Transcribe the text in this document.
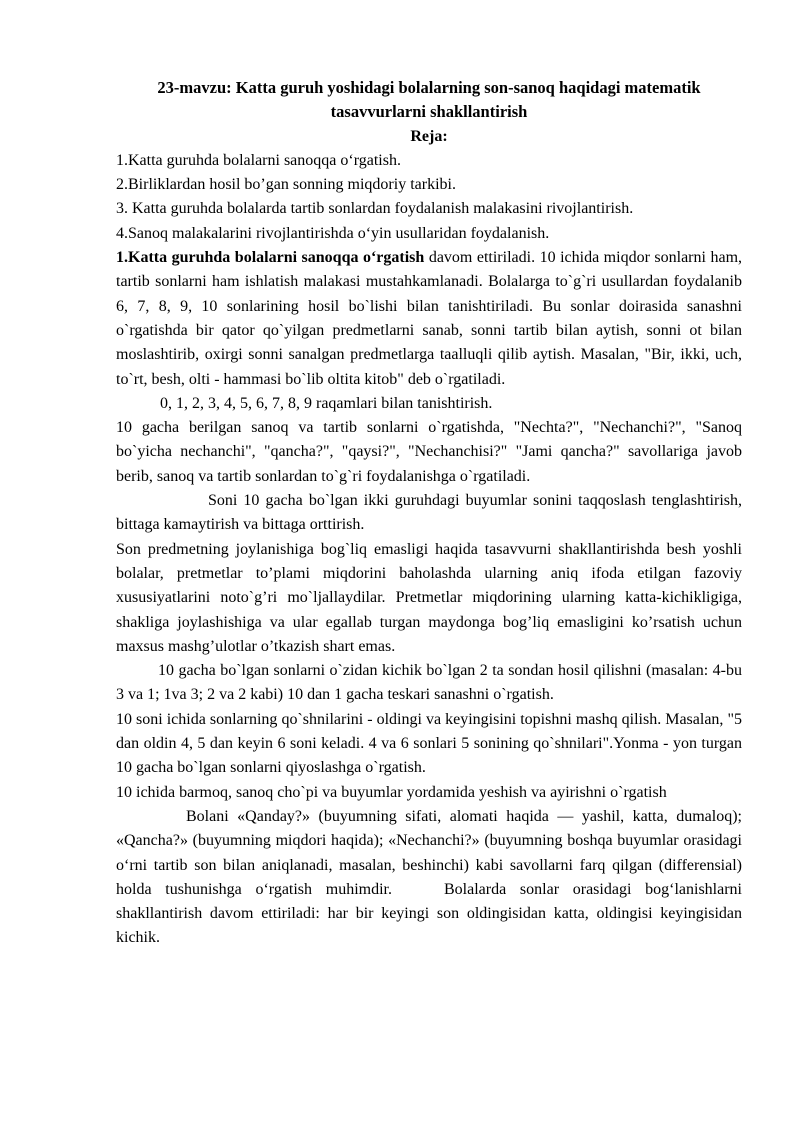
23-mavzu: Katta guruh yoshidagi bolalarning son-sanoq haqidagi matematik
tasavvurlarni shakllantirish
Reja:
1.Katta guruhda bolalarni sanoqqa o‘rgatish.
2.Birliklardan hosil bo’gan sonning miqdoriy tarkibi.
3. Katta guruhda bolalarda tartib sonlardan foydalanish malakasini rivojlantirish.
4.Sanoq malakalarini rivojlantirishda o‘yin usullaridan foydalanish.

1.Katta guruhda bolalarni sanoqqa o‘rgatish davom ettiriladi. 10 ichida miqdor sonlarni ham, tartib sonlarni ham ishlatish malakasi mustahkamlanadi. Bolalarga to`g`ri usullardan foydalanib 6, 7, 8, 9, 10 sonlarining hosil bo`lishi bilan tanishtiriladi. Bu sonlar doirasida sanashni o`rgatishda bir qator qo`yilgan predmetlarni sanab, sonni tartib bilan aytish, sonni ot bilan moslashtirib, oxirgi sonni sanalgan predmetlarga taalluqli qilib aytish. Masalan, "Bir, ikki, uch, to`rt, besh, olti - hammasi bo`lib oltita kitob" deb o`rgatiladi.

0, 1, 2, 3, 4, 5, 6, 7, 8, 9 raqamlari bilan tanishtirish.

10 gacha berilgan sanoq va tartib sonlarni o`rgatishda, "Nechta?", "Nechanchi?", "Sanoq bo`yicha nechanchi", "qancha?", "qaysi?", "Nechanchisi?" "Jami qancha?" savollariga javob berib, sanoq va tartib sonlardan to`g`ri foydalanishga o`rgatiladi.

Soni 10 gacha bo`lgan ikki guruhdagi buyumlar sonini taqqoslash tenglashtirish, bittaga kamaytirish va bittaga orttirish.

Son predmetning joylanishiga bog`liq emasligi haqida tasavvurni shakllantirishda besh yoshli bolalar, pretmetlar to’plami miqdorini baholashda ularning aniq ifoda etilgan fazoviy xususiyatlarini noto`g’ri mo`ljallaydilar. Pretmetlar miqdorining ularning katta-kichikligiga, shakliga joylashishiga va ular egallab turgan maydonga bog’liq emasligini ko’rsatish uchun maxsus mashg’ulotlar o’tkazish shart emas.

10 gacha bo`lgan sonlarni o`zidan kichik bo`lgan 2 ta sondan hosil qilishni (masalan: 4-bu 3 va 1; 1va 3; 2 va 2 kabi) 10 dan 1 gacha teskari sanashni o`rgatish.

10 soni ichida sonlarning qo`shnilarini - oldingi va keyingisini topishni mashq qilish. Masalan, "5 dan oldin 4, 5 dan keyin 6 soni keladi. 4 va 6 sonlari 5 sonining qo`shnilari".Yonma - yon turgan 10 gacha bo`lgan sonlarni qiyoslashga o`rgatish.

10 ichida barmoq, sanoq cho`pi va buyumlar yordamida yeshish va ayirishni o`rgatish

Bolani «Qanday?» (buyumning sifati, alomati haqida — yashil, katta, dumaloq); «Qancha?» (buyumning miqdori haqida); «Nechanchi?» (buyumning boshqa buyumlar orasidagi o‘rni tartib son bilan aniqlanadi, masalan, beshinchi) kabi savollarni farq qilgan (differensial) holda tushunishga o‘rgatish muhimdir.	Bolalarda sonlar orasidagi bog‘lanishlarni shakllantirish davom ettiriladi: har bir keyingi son oldingisidan katta, oldingisi keyingisidan kichik.
